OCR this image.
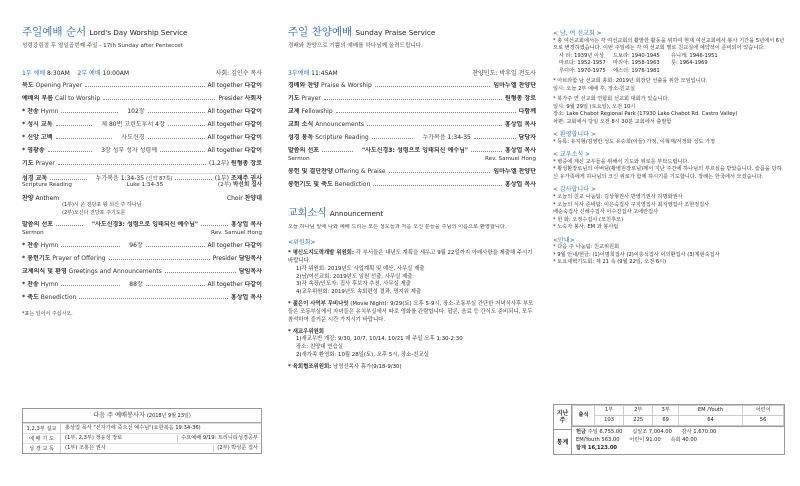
주일예배 순서 Lord's Day Worship Service
성령강림절 후 열일곱번째 주일 - 17th Sunday after Pentecost
1부 예배 8:30AM 2부 예배 10:00AM	사회: 김인수 목사
묵도 Opening Prayer	All together 다같이
예배의 부름 Call to Worship	Presider 사회자
* 찬송 Hymn	102장	All together 다같이
* 성시 교독	제 80번 고린도후서 4장	All together 다같이
* 신앙 고백	사도신경	All together 다같이
* 영광송	3장 성부 성자 성령께	All together 다같이
기도 Prayer	(1,2부) 원형총 장로
성경 교독	누가복음 1:34-35 (신약 87쪽)	(1부) 조재주 권사
Scripture Reading	Luke 1:34-35	(2부) 박선희 집사
찬양 Anthem	Choir 찬양대
(1부)시 온 전당포 왕 되신 주 하나님
(2부)오신다 전당포 주기도문
말씀의 선포	"사도신경3: 성령으로 잉태되신 예수님"	홍상업 목사
Sermon	Rev. Samuel Hong
* 찬송 Hymn	96장	All together 다같이
* 봉헌기도 Prayer of Offering	Presider 담임목사
교제의식 및 환영 Greetings and Announcements	담임목사
* 찬송 Hymn	88장	All together 다같이
* 축도 Benediction	홍상업 목사
*표는 일어서 주십시오.
다음 주 예배봉사자 (2018년 9월 23일)
1,2,3부 설교	홍상업 목사 "신자가에 죽으신 예수님"(요한복음 19:34-36)
예 배 기 도	(1부, 2,3부) 정웅성 장로	수요예배 9/19: 트리니티성경공부
성 경 교 독	(1부) 조홍은 권사	(2부) 박성준 집사
주일 찬양예배 Sunday Praise Service
경배와 찬양으로 기쁨의 예배를 하나님께 올려드립니다.
3부예배 11:45AM	찬양인도: 박후일 전도사
경배와 찬양 Praise & Worship	임마누엘 찬양단
기도 Prayer	원형총 장로
교제 Fellowship	다함께
교회 소식 Announcements	홍상업 목사
성경 봉독 Scripture Reading	누가복음 1:34-35	담당자
말씀의 선포	"사도신경3: 성령으로 잉태되신 예수님"	홍상업 목사
Sermon	Rev. Samuel Hong
봉헌 및 결단찬양 Offering & Praise	임마누엘 찬양단
봉헌기도 및 축도 Benediction	홍상업 목사
교회소식 Announcement
오늘 하나님 앞에 나와 예배 드리는 모든 성도들과 처음 오신 분들을 주님의 이름으로 환영합니다.
<위원회>
* 평신도지도력개발 위원회: 각 부서들은 내년도 계획을 세우고 9월 22일까지 아래사항을 제출해 주시기 바랍니다.
1)각 위원회: 2019년도 사업계획 및 예산, 사무실 제출
2)남/여선교회: 2019년도 임원 선출, 사무실 제출
3)각 속장/인도자: 집사 후보자 추천, 사무실 제출
4)교우위원회: 2019년도 속회편성 결과, 명지위 제출
* 젊은이 사역부 무비나잇 (Movie Night): 9/29(토) 오후 5-9시, 장소-조동부실 간단한 저녁식사후 부모들은 조동부실에서 자녀들은 유치부실에서 따로 영화를 관람합니다. 팝콘, 음료 등 간식도 준비되니, 모두 참석하여 즐거운 시간 가지시기 바랍니다.
* 새교우위원회
1)새교우반 개강: 9/30, 10/7, 10/14, 10/21 매 주일 오후 1:30-2:30
장소: 친양대 연습실
2)새가족 환영회: 10월 28일(토), 오후 5시, 장소-친교실
* 육회협조위원회: 남영선목사 휴가(9/18-9/30)
< 남, 여 선교회 >
* 총 여선교회에서는 각 여선교회의 활발한 활동을 위하여 현재 여선교회에서 봉사 기간을 5년에서 6년으로 변경하였습니다. 이번 주일에는 각 여 선교회 별로 친교실에 예약석이 준비되어 있습니다.
사 라: 1939년 이상	드보라: 1940-1945	유니게: 1946-1951
마르다: 1952-1957	마리아: 1958-1963	룻: 1964-1969
루디아: 1970-1975	에스더: 1976-1981
* 아브라함 남 선교회 총회: 2019년 회장단 선출을 위한 모임입니다.
일시: 오늘 2부 예배 후, 장소-친교실
* 북가주 연 선교회 연합회 선교회 대회가 있습니다.
일시: 9월 29일 (토요일), 오전 10시
장소: Lake Chabot Regional Park (17930 Lake Chabot Rd. Castro Valley)
차편: 교회에서 당일 오전 8시 30분 교회에서 출발함
< 환영합니다 >
* 등록: 유지형/김영란 성도 유승희(아들) 가정, 이혁재/서정화 성도 가정
< 교우소식 >
* 병중에 계신 교우들을 위해서 기도와 위로를 부탁드립니다.
* 황성환장로님의 아버님(황병원장로님)께서 지난 주간에 하나님의 부르심을 받았습니다. 슬픔을 당하신 유가족에게 하나님의 크신 위로가 함께 하시기를 기도합니다. 장례는 한국에서 모셨습니다.
< 감사합니다 >
* 오늘의 친교 나눔팀: 김상형권사 반영기권사 허명화권사
* 오늘의 식사 준비팀: 이은숙집사 구지영집사 최지영집사 조현정집사
배순숙집사 신해수집사 이수진집사 고애란집사
* 헌 화: 오정수집사 (모친추모)
* 노숙자 봉사: EM 과 봉사팀
<안내>
* 다음 주 나눔팀: 친교위원회
* 9월 안내/헌금: (1)이명희집사 (2)이층석집사 이의환집사 (3)계현숙집사
* 토요새벽기도회: 제 21 속 (9월 22일, 오전 6시)
지난 주
통계
출석	1부	2부	3부	EM /Youth	어린이
	103	225	69	64	56
헌금 주일 6,755.00 십일조 7,004.00 감사 1,670.00
EM/Youth 563.00 어린이 91.00 속회 40.00
합계 16,123.00
